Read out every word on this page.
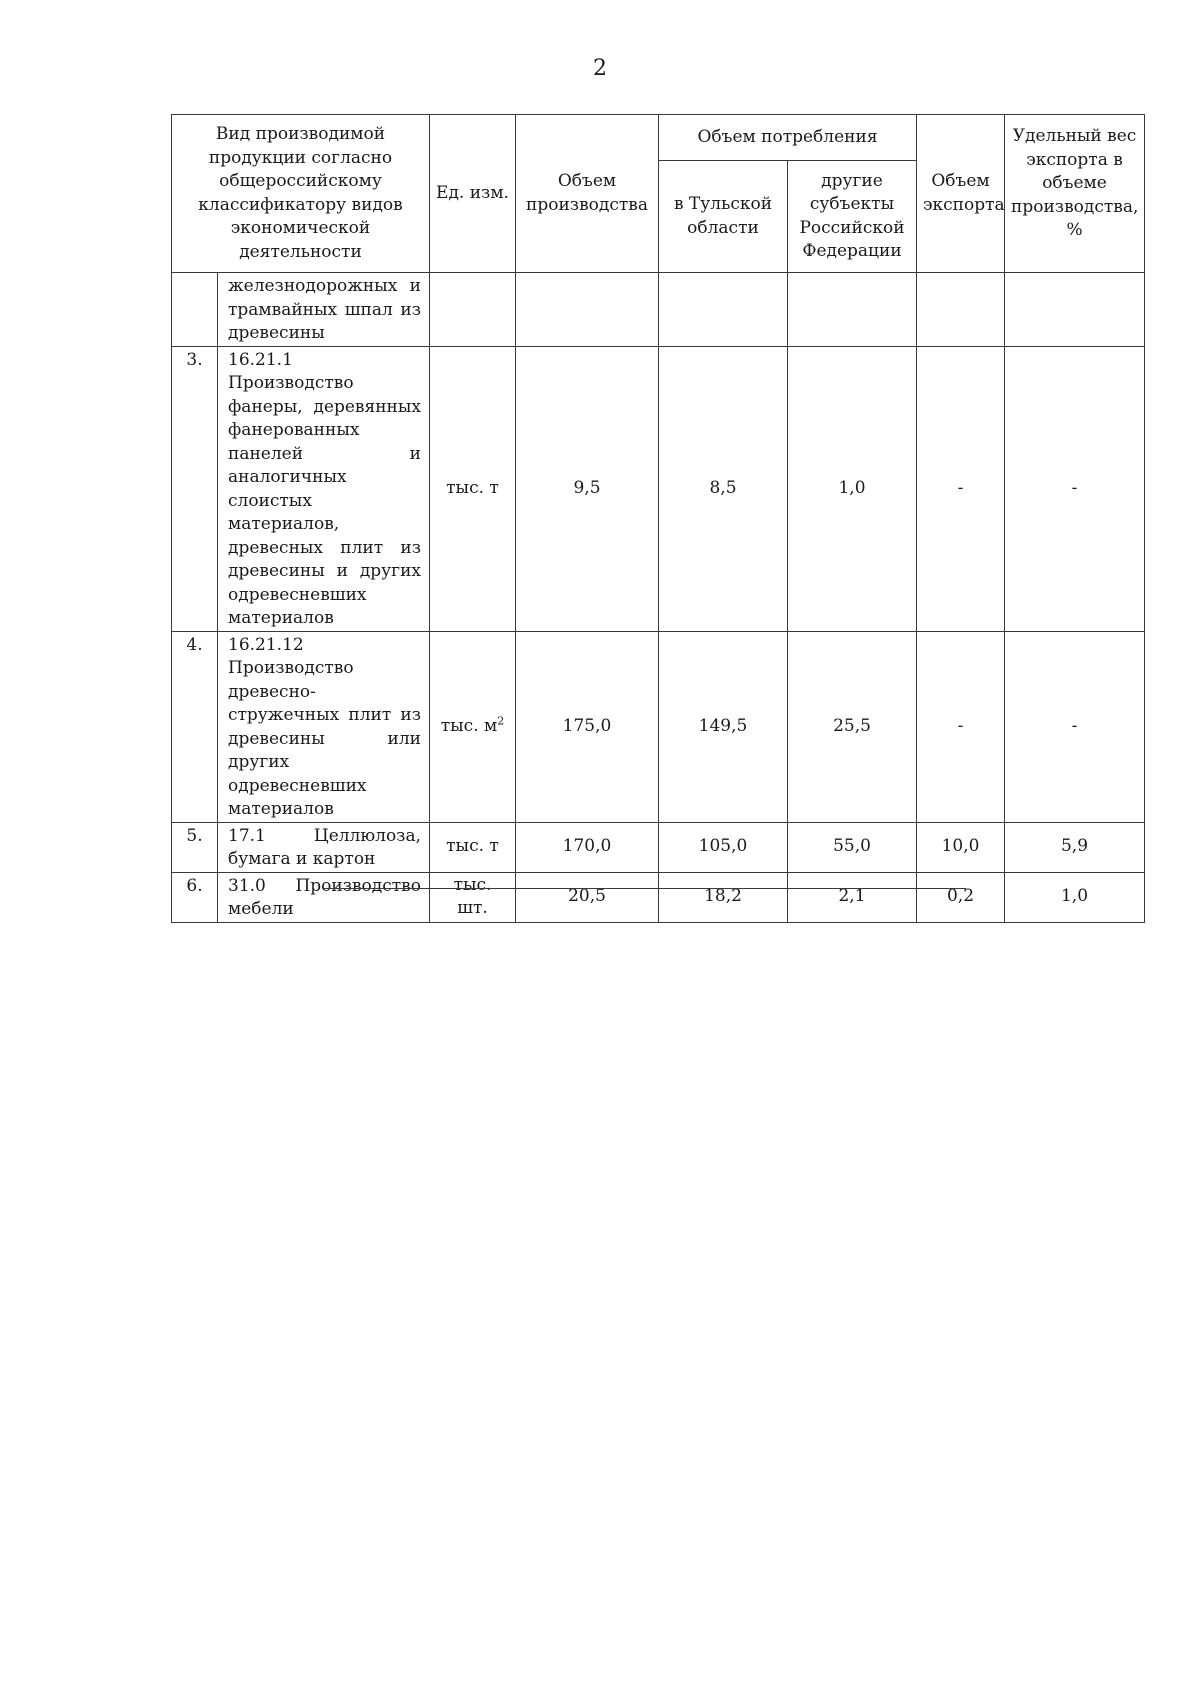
2
Вид производимой продукции согласно общероссийскому классификатору видов экономической деятельности		Ед. изм.	Объем производства	Объем потребления		Объем экспорта	Удельный вес экспорта в объеме производства, %
				в Тульской области	другие субъекты Российской Федерации		
	железнодорожных и трамвайных шпал из древесины						
3.	16.21.1 Производство фанеры, деревянных фанерованных панелей и аналогичных слоистых материалов, древесных плит из древесины и других одревесневших материалов	тыс. т	9,5	8,5	1,0	-	-
4.	16.21.12 Производство древесно-стружечных плит из древесины или других одревесневших материалов	тыс. $м^2$	175,0	149,5	25,5	-	-
5.	17.1 Целлюлоза, бумага и картон	тыс. т	170,0	105,0	55,0	10,0	5,9
6.	31.0 Производство мебели	тыс. шт.	20,5	18,2	2,1	0,2	1,0
